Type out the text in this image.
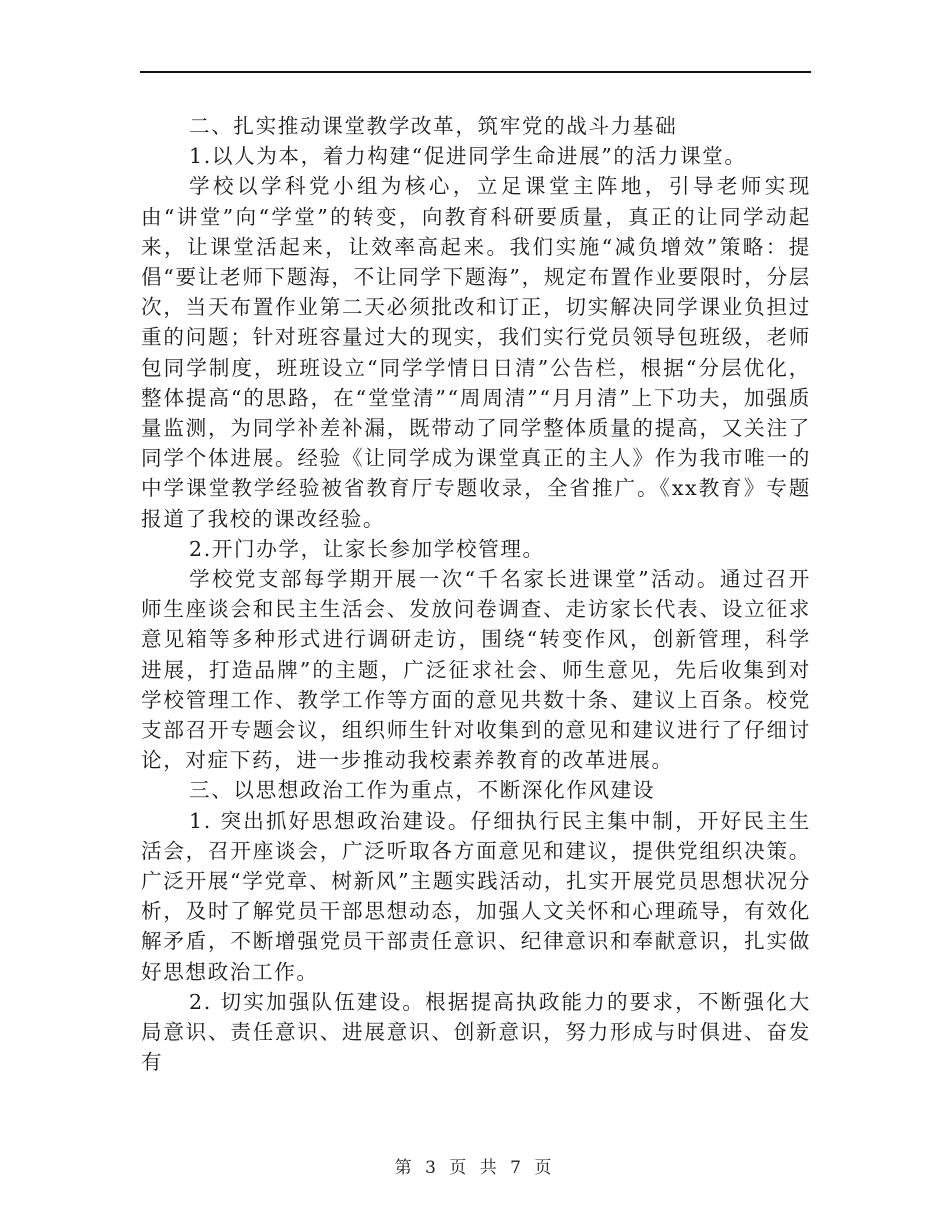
二、扎实推动课堂教学改革，筑牢党的战斗力基础

1.以人为本，着力构建“促进同学生命进展”的活力课堂。

学校以学科党小组为核心，立足课堂主阵地，引导老师实现由“讲堂”向“学堂”的转变，向教育科研要质量，真正的让同学动起来，让课堂活起来，让效率高起来。我们实施“减负增效”策略：提倡“要让老师下题海，不让同学下题海”，规定布置作业要限时，分层次，当天布置作业第二天必须批改和订正，切实解决同学课业负担过重的问题；针对班容量过大的现实，我们实行党员领导包班级，老师包同学制度，班班设立“同学学情日日清”公告栏，根据“分层优化，整体提高“的思路，在“堂堂清”“周周清”“月月清”上下功夫，加强质量监测，为同学补差补漏，既带动了同学整体质量的提高，又关注了同学个体进展。经验《让同学成为课堂真正的主人》作为我市唯一的中学课堂教学经验被省教育厅专题收录，全省推广。《xx教育》专题报道了我校的课改经验。

2.开门办学，让家长参加学校管理。

学校党支部每学期开展一次“千名家长进课堂”活动。通过召开师生座谈会和民主生活会、发放问卷调查、走访家长代表、设立征求意见箱等多种形式进行调研走访，围绕“转变作风，创新管理，科学进展，打造品牌”的主题，广泛征求社会、师生意见，先后收集到对学校管理工作、教学工作等方面的意见共数十条、建议上百条。校党支部召开专题会议，组织师生针对收集到的意见和建议进行了仔细讨论，对症下药，进一步推动我校素养教育的改革进展。

三、以思想政治工作为重点，不断深化作风建设

1. 突出抓好思想政治建设。仔细执行民主集中制，开好民主生活会，召开座谈会，广泛听取各方面意见和建议，提供党组织决策。广泛开展“学党章、树新风”主题实践活动，扎实开展党员思想状况分析，及时了解党员干部思想动态，加强人文关怀和心理疏导，有效化解矛盾，不断增强党员干部责任意识、纪律意识和奉献意识，扎实做好思想政治工作。

2. 切实加强队伍建设。根据提高执政能力的要求，不断强化大局意识、责任意识、进展意识、创新意识，努力形成与时俱进、奋发有

第 3 页 共 7 页
